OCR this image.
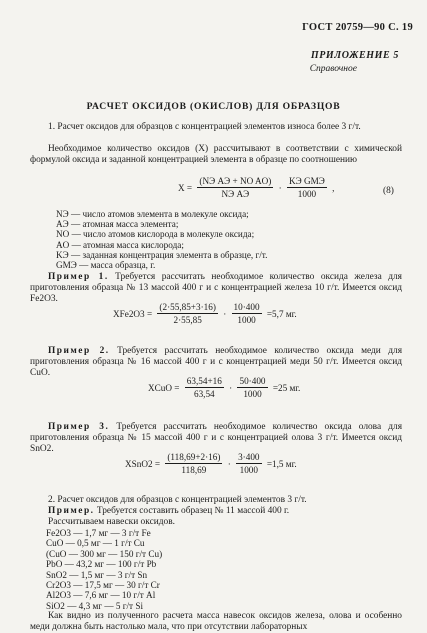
ГОСТ 20759—90 С. 19
ПРИЛОЖЕНИЕ 5
Справочное
РАСЧЕТ ОКСИДОВ (ОКИСЛОВ) ДЛЯ ОБРАЗЦОВ
1. Расчет оксидов для образцов с концентрацией элементов износа более 3 г/т.
Необходимое количество оксидов (X) рассчитывают в соответствии с химической формулой оксида и заданной концентрацией элемента в образце по соотношению
$X = \frac{\text{(NЭ AЭ + NO AO)}}{\text{NЭ AЭ}} \cdot \frac{\text{KЭ GМЭ}}{1000}$ ,	(8)
NЭ — число атомов элемента в молекуле оксида;
AЭ — атомная масса элемента;
NO — число атомов кислорода в молекуле оксида;
AO — атомная масса кислорода;
KЭ — заданная концентрация элемента в образце, г/т.
GМЭ — масса образца, г.
Пример 1. Требуется рассчитать необходимое количество оксида железа для приготовления образца № 13 массой 400 г и с концентрацией железа 10 г/т. Имеется оксид Fe2O3.
$XFe2O3 = \frac{(2\cdot 55,85+3\cdot 16)}{2\cdot 55,85} \cdot \frac{10\cdot 400}{1000} =5,7$ мг.
Пример 2. Требуется рассчитать необходимое количество оксида меди для приготовления образца № 16 массой 400 г и с концентрацией меди 50 г/т. Имеется оксид CuO.
XCuO = $\frac{63,54+16}{63,54} \cdot \frac{50\cdot 400}{1000} =25$ мг.
Пример 3. Требуется рассчитать необходимое количество оксида олова для приготовления образца № 15 массой 400 г и с концентрацией олова 3 г/т. Имеется оксид SnO2.
XSnO2 = $\frac{(118,69+2\cdot 16)}{118,69} \cdot \frac{3\cdot 400}{1000} =1,5$ мг.
2. Расчет оксидов для образцов с концентрацией элементов 3 г/т.
Пример. Требуется составить образец № 11 массой 400 г.
Рассчитываем навески оксидов.
Fe2O3 — 1,7 мг — 3 г/т Fe
CuO — 0,5 мг — 1 г/т Cu
(CuO — 300 мг — 150 г/т Cu)
PbO — 43,2 мг — 100 г/т Pb
SnO2 — 1,5 мг — 3 г/т Sn
Cr2O3 — 17,5 мг — 30 г/т Cr
Al2O3 — 7,6 мг — 10 г/т Al
SiO2 — 4,3 мг — 5 г/т Si
Как видно из полученного расчета масса навесок оксидов железа, олова и особенно меди должна быть настолько мала, что при отсутствии лабораторных
